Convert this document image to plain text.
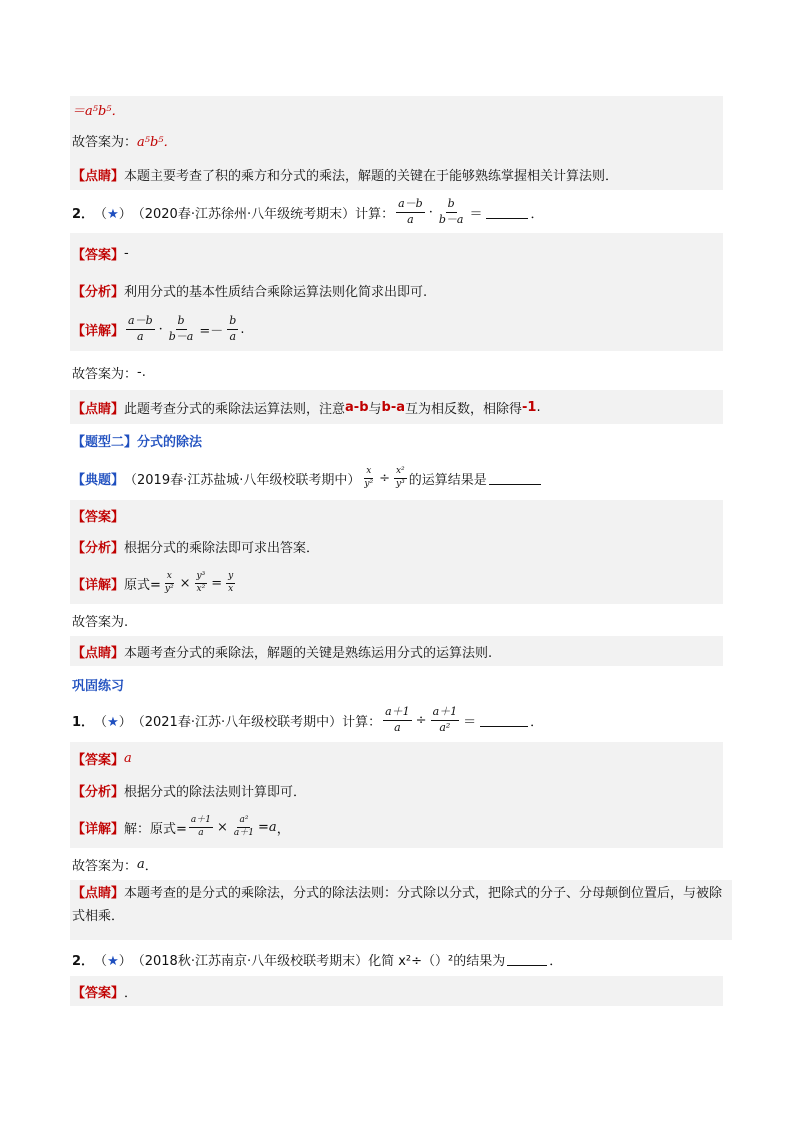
＝a⁵b⁵．
故答案为： a⁵b⁵．
【点睛】 本题主要考查了积的乘方和分式的乘法，解题的关键在于能够熟练掌握相关计算法则．
2． （★） （2020春·江苏徐州·八年级统考期末）计算： $\frac{a-b}{a} \cdot \frac{b}{b-a}$ ＝	．
【答案】 -
【分析】 利用分式的基本性质结合乘除运算法则化简求出即可.
【详解】 $\frac{a-b}{a} \cdot \frac{b}{b-a} =- \frac{b}{a}$ .
故答案为： -.
【点睛】 此题考查分式的乘除法运算法则，注意 a-b 与 b-a 互为相反数，相除得 -1 .
【题型二】分式的除法
【典题】 （2019春·江苏盐城·八年级校联考期中） $\frac{x}{\text{y²}} \div \frac{\text{x²}}{\text{y³}}$ 的运算结果是
【答案】
【分析】 根据分式的乘除法即可求出答案．
【详解】 原式= $\frac{x}{\text{y²}} \times \frac{\text{y³}}{\text{x²}} = \frac{y}{x}$
故答案为.
【点睛】 本题考查分式的乘除法，解题的关键是熟练运用分式的运算法则.
巩固练习
1． （★） （2021春·江苏·八年级校联考期中）计算： $\frac{a+1}{a} \div \frac{a+1}{\text{a²}}$ ＝	．
【答案】 a
【分析】 根据分式的除法法则计算即可．
【详解】 解：原式= $\frac{a+1}{a} \times \frac{\text{a²}}{a+1} = a$ ，
故答案为： a ．
【点睛】本题考查的是分式的乘除法，分式的除法法则：分式除以分式，把除式的分子、分母颠倒位置后，与被除式相乘．
2． （★） （2018秋·江苏南京·八年级校联考期末）化简 x²÷（）²的结果为	．
【答案】 ．
